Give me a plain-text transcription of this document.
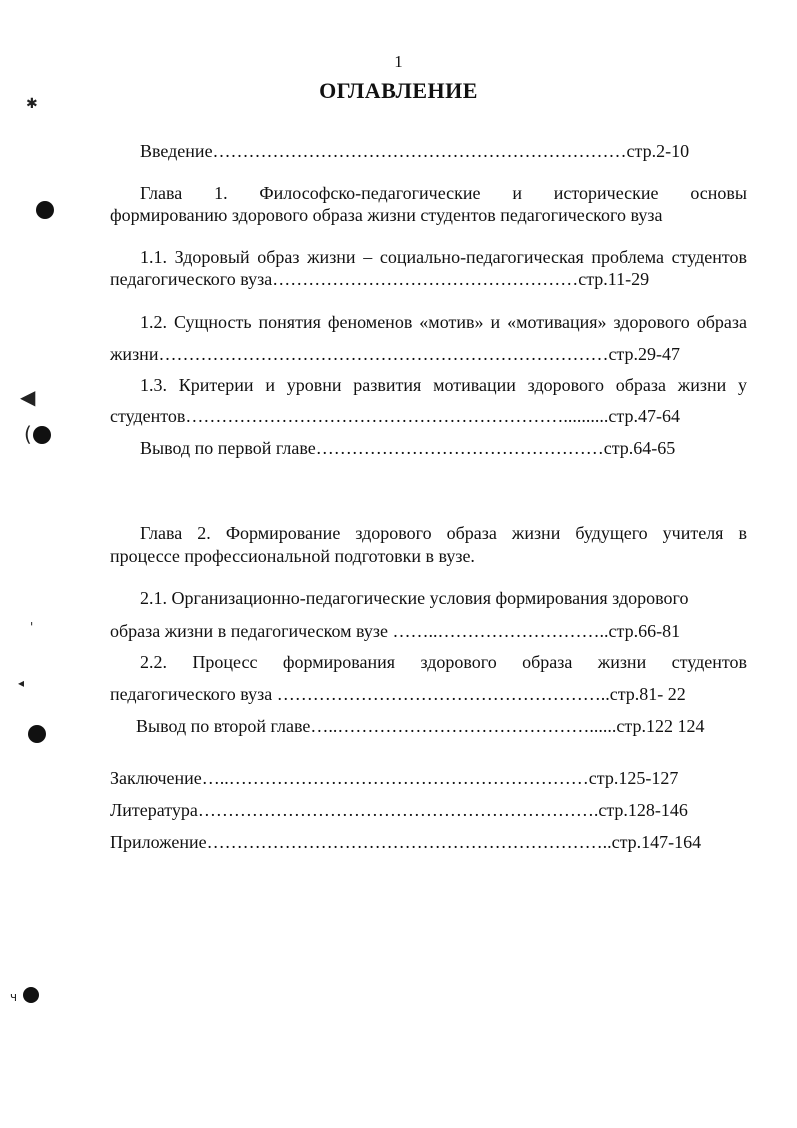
1
ОГЛАВЛЕНИЕ
Введение……………………………………………………………стр.2-10
Глава 1. Философско-педагогические и исторические основы
формированию здорового образа жизни студентов педагогического вуза
1.1. Здоровый образ жизни – социально-педагогическая проблема студентов
педагогического вуза……………………………………………стр.11-29
1.2. Сущность понятия феноменов «мотив» и «мотивация» здорового образа
жизни…………………………………………………………………стр.29-47
1.3. Критерии и уровни развития мотивации здорового образа жизни у
студентов………………………………………………………..........стр.47-64
Вывод по первой главе…………………………………………стр.64-65
Глава 2. Формирование здорового образа жизни будущего учителя в
процессе профессиональной подготовки в вузе.
2.1. Организационно-педагогические условия формирования здорового
образа жизни в педагогическом вузе ……..………………………..стр.66-81
2.2. Процесс формирования здорового образа жизни студентов
педагогического вуза ………………………………………………..стр.81- 22
Вывод по второй главе…..……………………………………......стр.122 124
Заключение…..……………………………………………………стр.125-127
Литература………………………………………………………….стр.128-146
Приложение…………………………………………………………..стр.147-164
✱
◀
(
'
◂
ч
